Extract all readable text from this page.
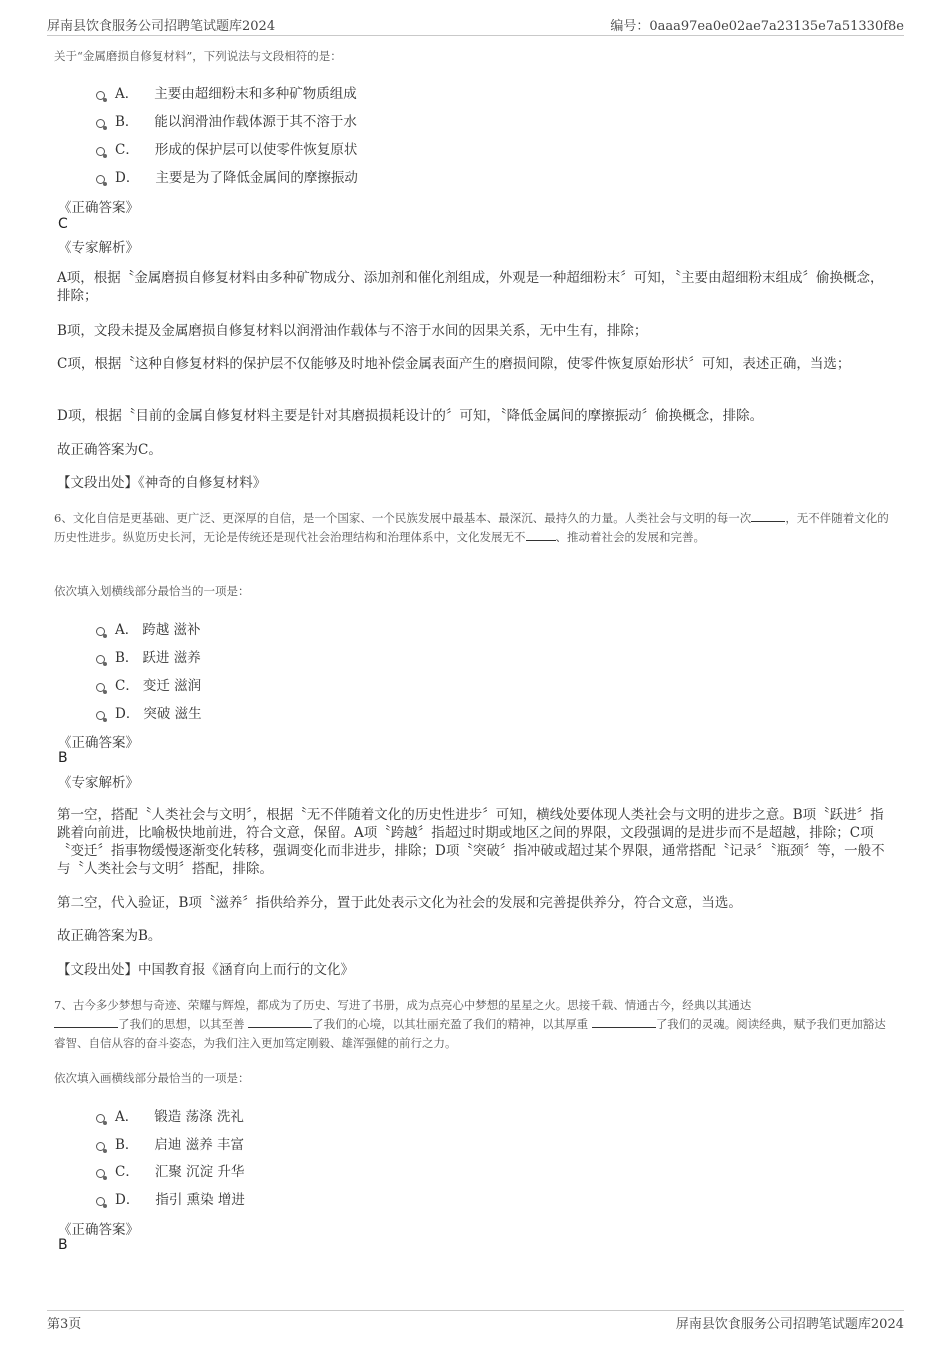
屏南县饮食服务公司招聘笔试题库2024	编号：0aaa97ea0e02ae7a23135e7a51330f8e
关于“金属磨损自修复材料”，下列说法与文段相符的是：
A． 主要由超细粉末和多种矿物质组成
B． 能以润滑油作载体源于其不溶于水
C． 形成的保护层可以使零件恢复原状
D． 主要是为了降低金属间的摩擦振动
《正确答案》
C
《专家解析》
A项，根据〝金属磨损自修复材料由多种矿物成分、添加剂和催化剂组成，外观是一种超细粉末〞可知，〝主要由超细粉末组成〞偷换概念，排除；
B项，文段未提及金属磨损自修复材料以润滑油作载体与不溶于水间的因果关系，无中生有，排除；
C项，根据〝这种自修复材料的保护层不仅能够及时地补偿金属表面产生的磨损间隙，使零件恢复原始形状〞可知，表述正确，当选；
D项，根据〝目前的金属自修复材料主要是针对其磨损损耗设计的〞可知，〝降低金属间的摩擦振动〞偷换概念，排除。
故正确答案为C。
【文段出处】《神奇的自修复材料》
6、文化自信是更基础、更广泛、更深厚的自信，是一个国家、一个民族发展中最基本、最深沉、最持久的力量。人类社会与文明的每一次	，无不伴随着文化的历史性进步。纵览历史长河，无论是传统还是现代社会治理结构和治理体系中，文化发展无不	、推动着社会的发展和完善。
依次填入划横线部分最恰当的一项是：
A． 跨越 滋补
B． 跃进 滋养
C． 变迁 滋润
D． 突破 滋生
《正确答案》
B
《专家解析》
第一空，搭配〝人类社会与文明〞，根据〝无不伴随着文化的历史性进步〞可知，横线处要体现人类社会与文明的进步之意。B项〝跃进〞指跳着向前进，比喻极快地前进，符合文意，保留。A项〝跨越〞指超过时期或地区之间的界限，文段强调的是进步而不是超越，排除；C项〝变迁〞指事物缓慢逐渐变化转移，强调变化而非进步，排除；D项〝突破〞指冲破或超过某个界限，通常搭配〝记录〞〝瓶颈〞等，一般不与〝人类社会与文明〞搭配，排除。
第二空，代入验证，B项〝滋养〞指供给养分，置于此处表示文化为社会的发展和完善提供养分，符合文意，当选。
故正确答案为B。
【文段出处】中国教育报《涵育向上而行的文化》
7、古今多少梦想与奇迹、荣耀与辉煌，都成为了历史、写进了书册，成为点亮心中梦想的星星之火。思接千载、情通古今，经典以其通达
了我们的思想，以其至善	了我们的心境，以其壮丽充盈了我们的精神，以其厚重	了我们的灵魂。阅读经典，赋予我们更加豁达睿智、自信从容的奋斗姿态，为我们注入更加笃定刚毅、雄浑强健的前行之力。
依次填入画横线部分最恰当的一项是：
A． 锻造 荡涤 洗礼
B． 启迪 滋养 丰富
C． 汇聚 沉淀 升华
D． 指引 熏染 增进
《正确答案》
B
第3页	屏南县饮食服务公司招聘笔试题库2024
